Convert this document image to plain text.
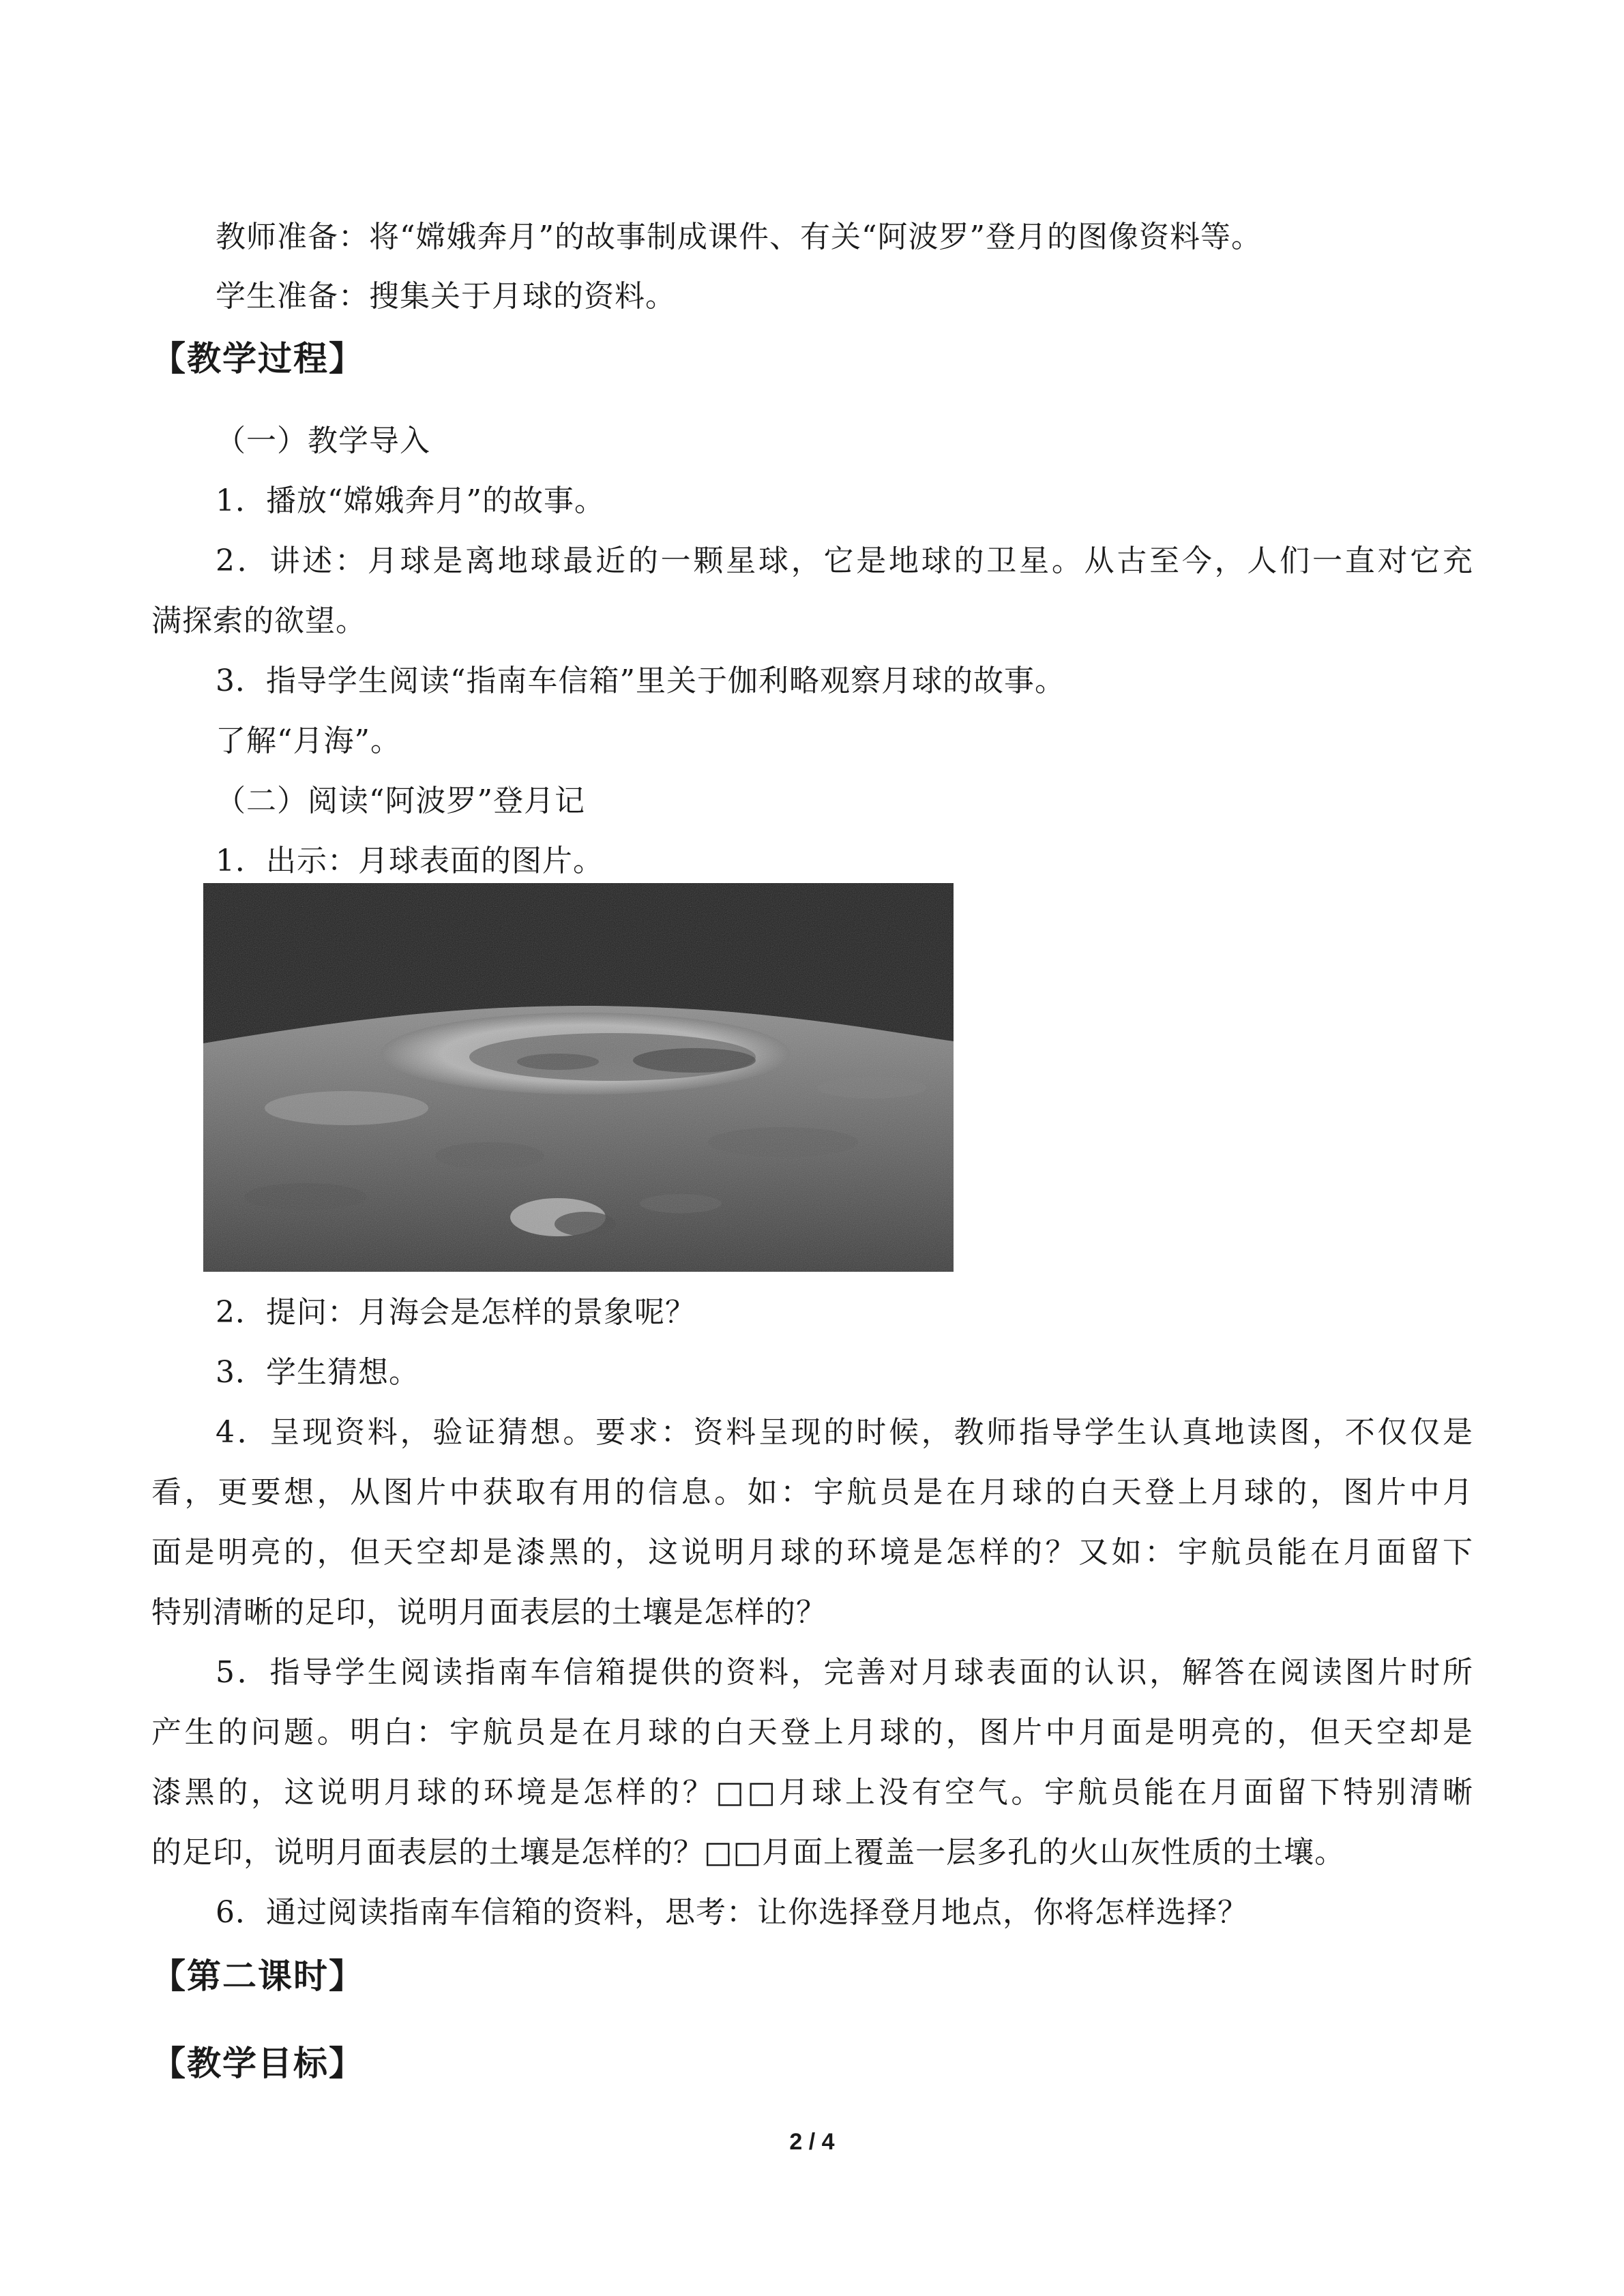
教师准备：将“嫦娥奔月”的故事制成课件、有关“阿波罗”登月的图像资料等。
学生准备：搜集关于月球的资料。
【教学过程】
（一）教学导入
1．播放“嫦娥奔月”的故事。
2．讲述：月球是离地球最近的一颗星球，它是地球的卫星。从古至今，人们一直对它充
满探索的欲望。
3．指导学生阅读“指南车信箱”里关于伽利略观察月球的故事。
了解“月海”。
（二）阅读“阿波罗”登月记
1．出示：月球表面的图片。
2．提问：月海会是怎样的景象呢？
3．学生猜想。
4．呈现资料，验证猜想。要求：资料呈现的时候，教师指导学生认真地读图，不仅仅是
看，更要想，从图片中获取有用的信息。如：宇航员是在月球的白天登上月球的，图片中月
面是明亮的，但天空却是漆黑的，这说明月球的环境是怎样的？又如：宇航员能在月面留下
特别清晰的足印，说明月面表层的土壤是怎样的？
5．指导学生阅读指南车信箱提供的资料，完善对月球表面的认识，解答在阅读图片时所
产生的问题。明白：宇航员是在月球的白天登上月球的，图片中月面是明亮的，但天空却是
漆黑的，这说明月球的环境是怎样的？□□月球上没有空气。宇航员能在月面留下特别清晰
的足印，说明月面表层的土壤是怎样的？□□月面上覆盖一层多孔的火山灰性质的土壤。
6．通过阅读指南车信箱的资料，思考：让你选择登月地点，你将怎样选择？
【第二课时】
【教学目标】
2 / 4
